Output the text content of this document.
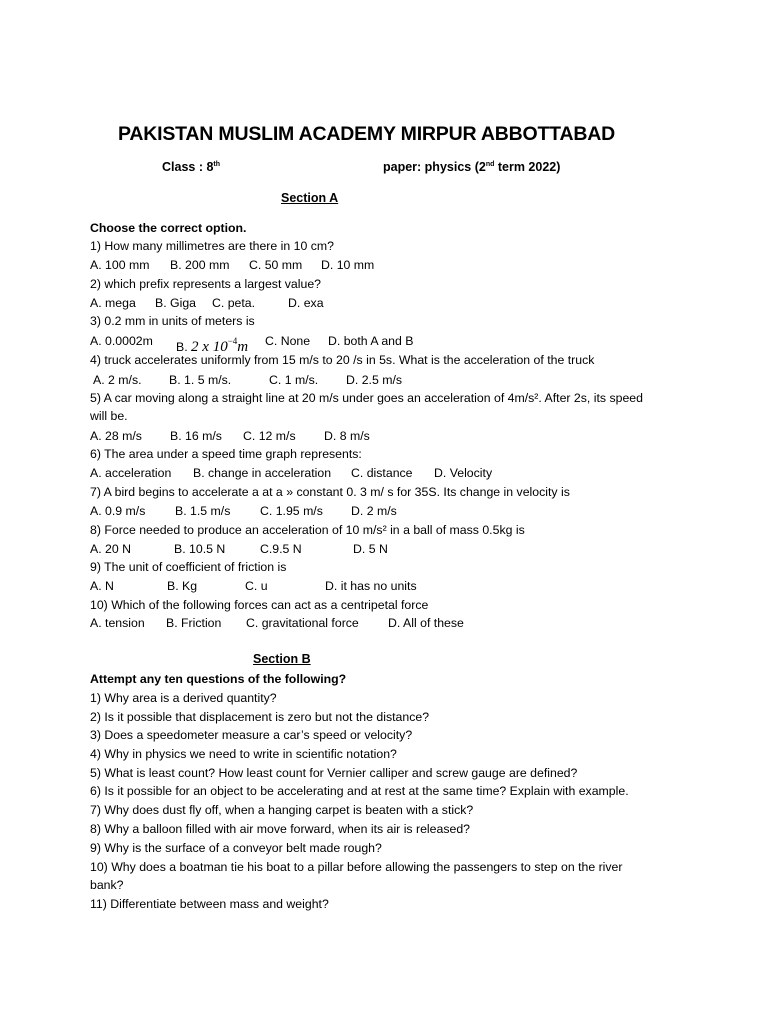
PAKISTAN MUSLIM ACADEMY MIRPUR ABBOTTABAD
Class : 8th	paper: physics (2nd term 2022)
Section A
Choose the correct option.
1) How many millimetres are there in 10 cm?
A. 100 mm B. 200 mm C. 50 mm D. 10 mm
2) which prefix represents a largest value?
A. mega B. Giga C. peta.	D. exa
3) 0.2 mm in units of meters is
A. 0.0002m B. 2 x $10^{-4}m$ C. None D. both A and B
4) truck accelerates uniformly from 15 m/s to 20 /s in 5s. What is the acceleration of the truck
A. 2 m/s. B. 1. 5 m/s.	C. 1 m/s. D. 2.5 m/s
5) A car moving along a straight line at 20 m/s under goes an acceleration of 4m/s². After 2s, its speed
will be.
A. 28 m/s B. 16 m/s C. 12 m/s D. 8 m/s
6) The area under a speed time graph represents:
A. acceleration B. change in acceleration C. distance D. Velocity
7) A bird begins to accelerate a at a » constant 0. 3 m/ s for 35S. Its change in velocity is
A. 0.9 m/s B. 1.5 m/s C. 1.95 m/s D. 2 m/s
8) Force needed to produce an acceleration of 10 m/s² in a ball of mass 0.5kg is
A. 20 N	B. 10.5 N	C.9.5 N	D. 5 N
9) The unit of coefficient of friction is
A. N	B. Kg	C. u	D. it has no units
10) Which of the following forces can act as a centripetal force
A. tension B. Friction C. gravitational force D. All of these
Section B
Attempt any ten questions of the following?
1) Why area is a derived quantity?
2) Is it possible that displacement is zero but not the distance?
3) Does a speedometer measure a car’s speed or velocity?
4) Why in physics we need to write in scientific notation?
5) What is least count? How least count for Vernier calliper and screw gauge are defined?
6) Is it possible for an object to be accelerating and at rest at the same time? Explain with example.
7) Why does dust fly off, when a hanging carpet is beaten with a stick?
8) Why a balloon filled with air move forward, when its air is released?
9) Why is the surface of a conveyor belt made rough?
10) Why does a boatman tie his boat to a pillar before allowing the passengers to step on the river
bank?
11) Differentiate between mass and weight?
